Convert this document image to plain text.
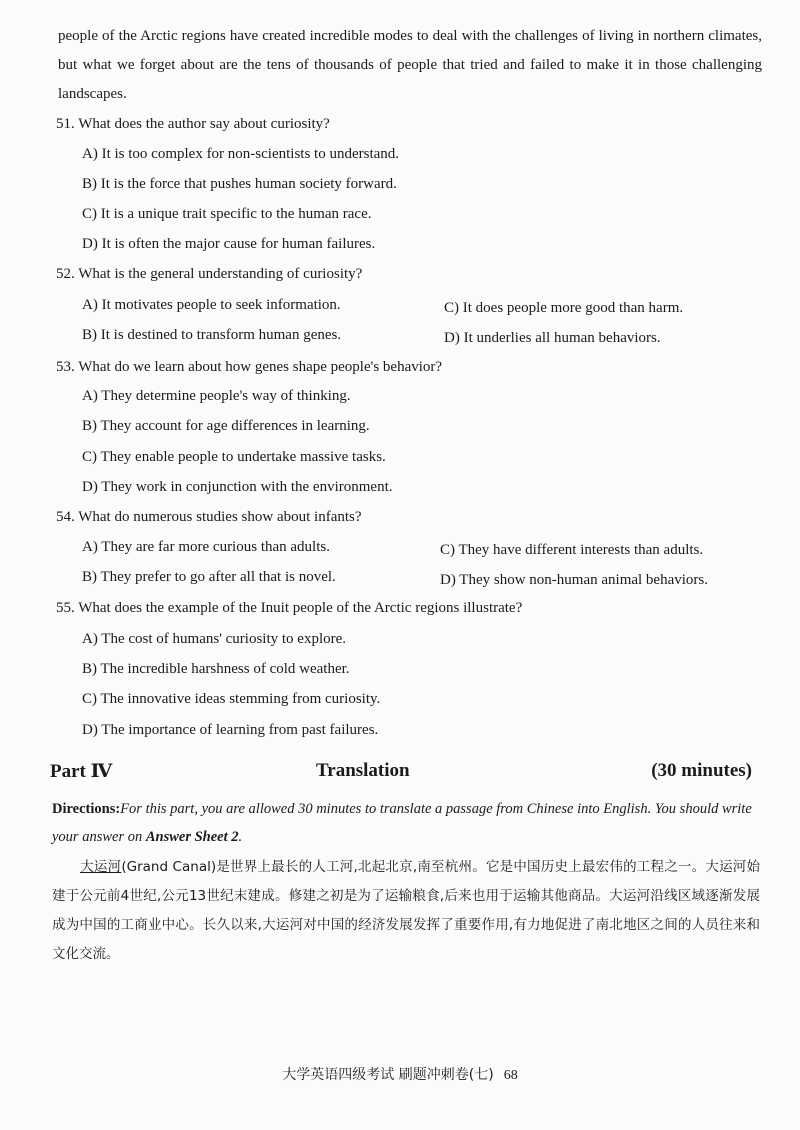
people of the Arctic regions have created incredible modes to deal with the challenges of living in northern climates, but what we forget about are the tens of thousands of people that tried and failed to make it in those challenging landscapes.

51. What does the author say about curiosity?
A) It is too complex for non-scientists to understand.
B) It is the force that pushes human society forward.
C) It is a unique trait specific to the human race.
D) It is often the major cause for human failures.
52. What is the general understanding of curiosity?
A) It motivates people to seek information.	C) It does people more good than harm.
B) It is destined to transform human genes.	D) It underlies all human behaviors.
53. What do we learn about how genes shape people's behavior?
A) They determine people's way of thinking.
B) They account for age differences in learning.
C) They enable people to undertake massive tasks.
D) They work in conjunction with the environment.
54. What do numerous studies show about infants?
A) They are far more curious than adults.	C) They have different interests than adults.
B) They prefer to go after all that is novel.	D) They show non-human animal behaviors.
55. What does the example of the Inuit people of the Arctic regions illustrate?
A) The cost of humans' curiosity to explore.
B) The incredible harshness of cold weather.
C) The innovative ideas stemming from curiosity.
D) The importance of learning from past failures.
Part Ⅳ	Translation	(30 minutes)

Directions:For this part, you are allowed 30 minutes to translate a passage from Chinese into English. You should write your answer on Answer Sheet 2.

大运河(Grand Canal)是世界上最长的人工河,北起北京,南至杭州。它是中国历史上最宏伟的工程之一。大运河始建于公元前4世纪,公元13世纪末建成。修建之初是为了运输粮食,后来也用于运输其他商品。大运河沿线区域逐渐发展成为中国的工商业中心。长久以来,大运河对中国的经济发展发挥了重要作用,有力地促进了南北地区之间的人员往来和文化交流。

大学英语四级考试 刷题冲刺卷(七) 68
